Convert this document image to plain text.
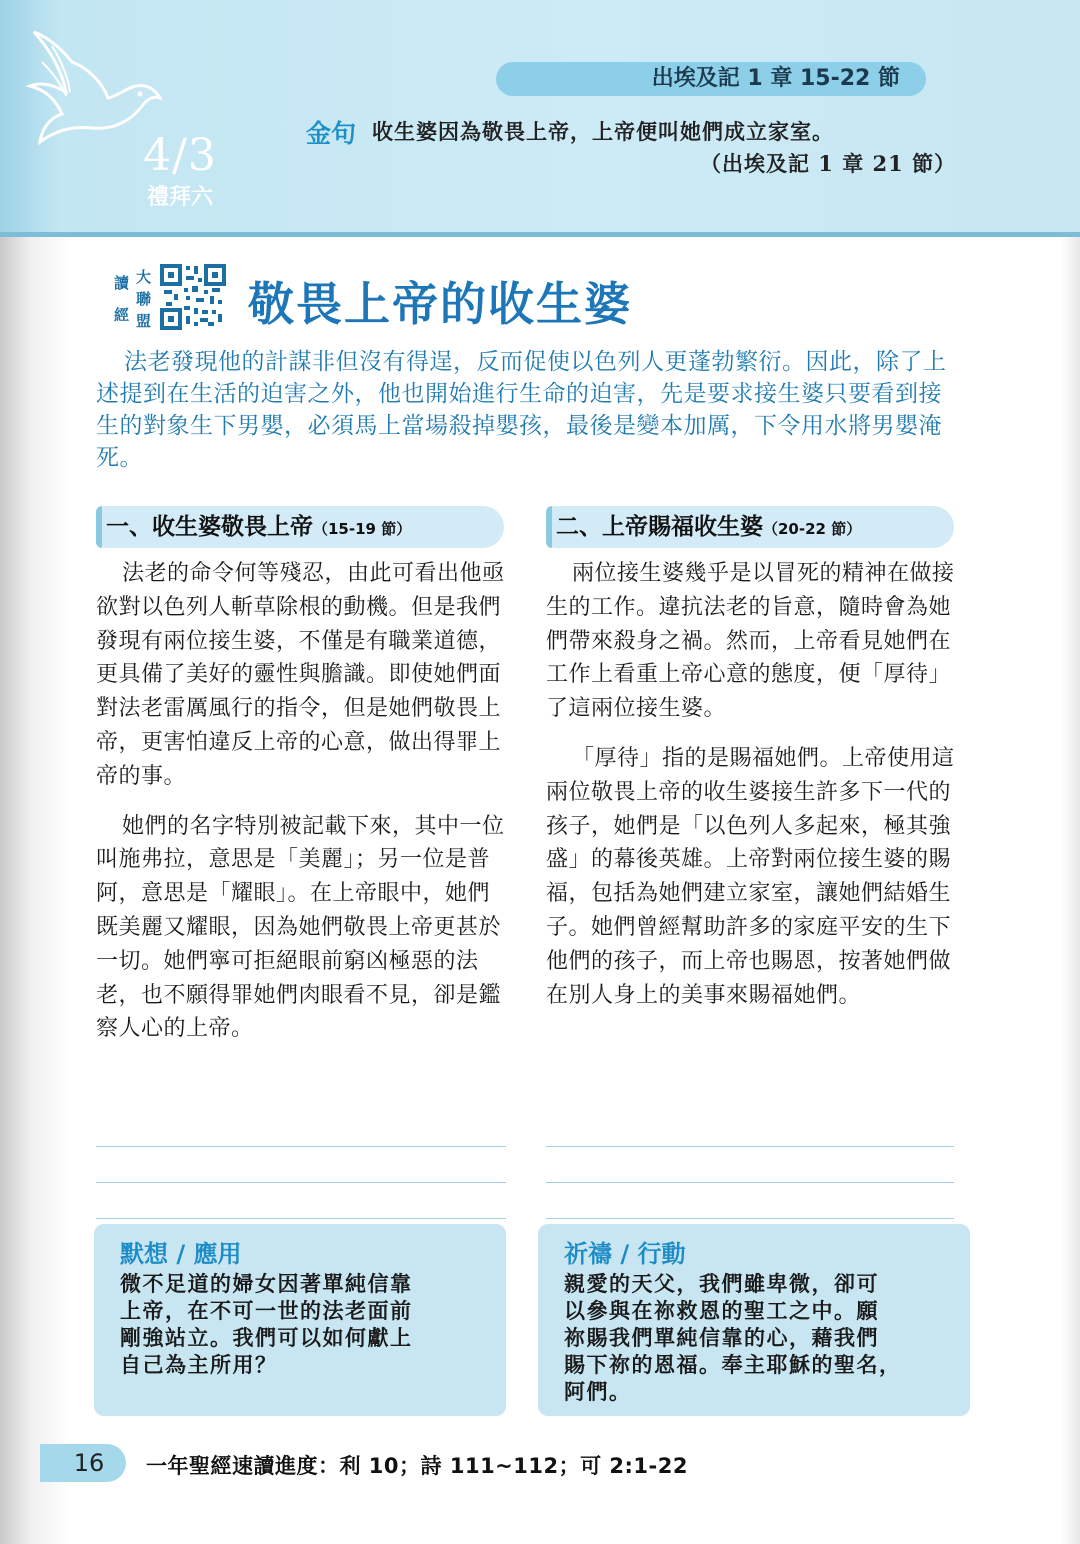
4/3
禮拜六
出埃及記 1 章 15-22 節
金句 收生婆因為敬畏上帝，上帝便叫她們成立家室。
（出埃及記 1 章 21 節）
讀 大
聯
經 盟 敬畏上帝的收生婆
法老發現他的計謀非但沒有得逞，反而促使以色列人更蓬勃繁衍。因此，除了上述提到在生活的迫害之外，他也開始進行生命的迫害，先是要求接生婆只要看到接生的對象生下男嬰，必須馬上當場殺掉嬰孩，最後是變本加厲，下令用水將男嬰淹死。
一、收生婆敬畏上帝（15-19 節）	二、上帝賜福收生婆（20-22 節）

法老的命令何等殘忍，由此可看出他亟欲對以色列人斬草除根的動機。但是我們發現有兩位接生婆，不僅是有職業道德，更具備了美好的靈性與膽識。即使她們面對法老雷厲風行的指令，但是她們敬畏上帝，更害怕違反上帝的心意，做出得罪上帝的事。

她們的名字特別被記載下來，其中一位叫施弗拉，意思是「美麗」；另一位是普阿，意思是「耀眼」。在上帝眼中，她們既美麗又耀眼，因為她們敬畏上帝更甚於一切。她們寧可拒絕眼前窮凶極惡的法老，也不願得罪她們肉眼看不見，卻是鑑察人心的上帝。

兩位接生婆幾乎是以冒死的精神在做接生的工作。違抗法老的旨意，隨時會為她們帶來殺身之禍。然而，上帝看見她們在工作上看重上帝心意的態度，便「厚待」了這兩位接生婆。

「厚待」指的是賜福她們。上帝使用這兩位敬畏上帝的收生婆接生許多下一代的孩子，她們是「以色列人多起來，極其強盛」的幕後英雄。上帝對兩位接生婆的賜福，包括為她們建立家室，讓她們結婚生子。她們曾經幫助許多的家庭平安的生下他們的孩子，而上帝也賜恩，按著她們做在別人身上的美事來賜福她們。

默想 / 應用
微不足道的婦女因著單純信靠
上帝，在不可一世的法老面前
剛強站立。我們可以如何獻上
自己為主所用？
祈禱 / 行動
親愛的天父，我們雖卑微，卻可
以參與在祢救恩的聖工之中。願
祢賜我們單純信靠的心，藉我們
賜下祢的恩福。奉主耶穌的聖名，
阿們。
16	一年聖經速讀進度：利 10；詩 111~112；可 2:1-22
